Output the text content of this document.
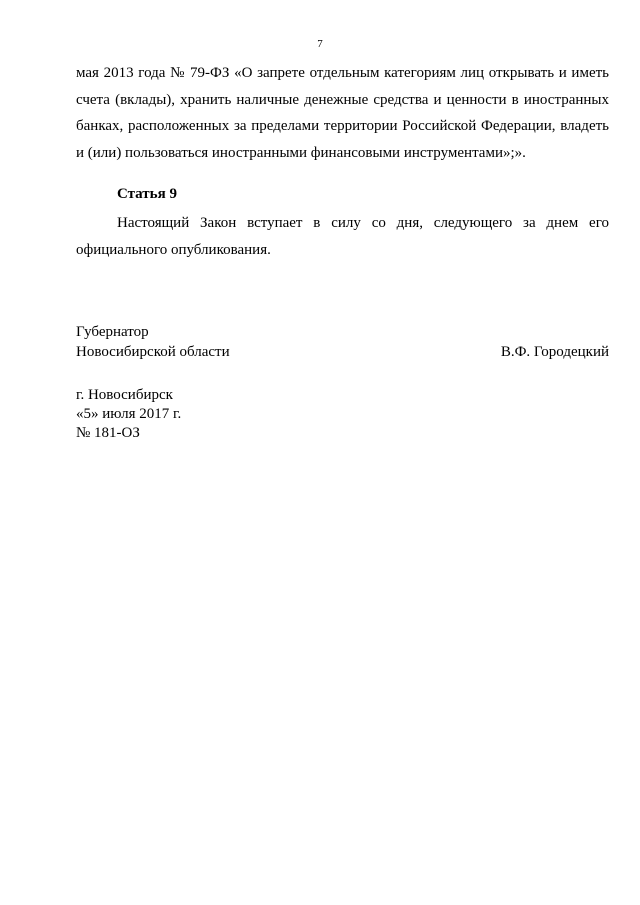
7

мая 2013 года № 79-ФЗ «О запрете отдельным категориям лиц открывать и иметь счета (вклады), хранить наличные денежные средства и ценности в иностранных банках, расположенных за пределами территории Российской Федерации, владеть и (или) пользоваться иностранными финансовыми инструментами»;».

Статья 9

Настоящий Закон вступает в силу со дня, следующего за днем его официального опубликования.

Губернатор
Новосибирской области	В.Ф. Городецкий
г. Новосибирск
«5» июля 2017 г.
№ 181-ОЗ
